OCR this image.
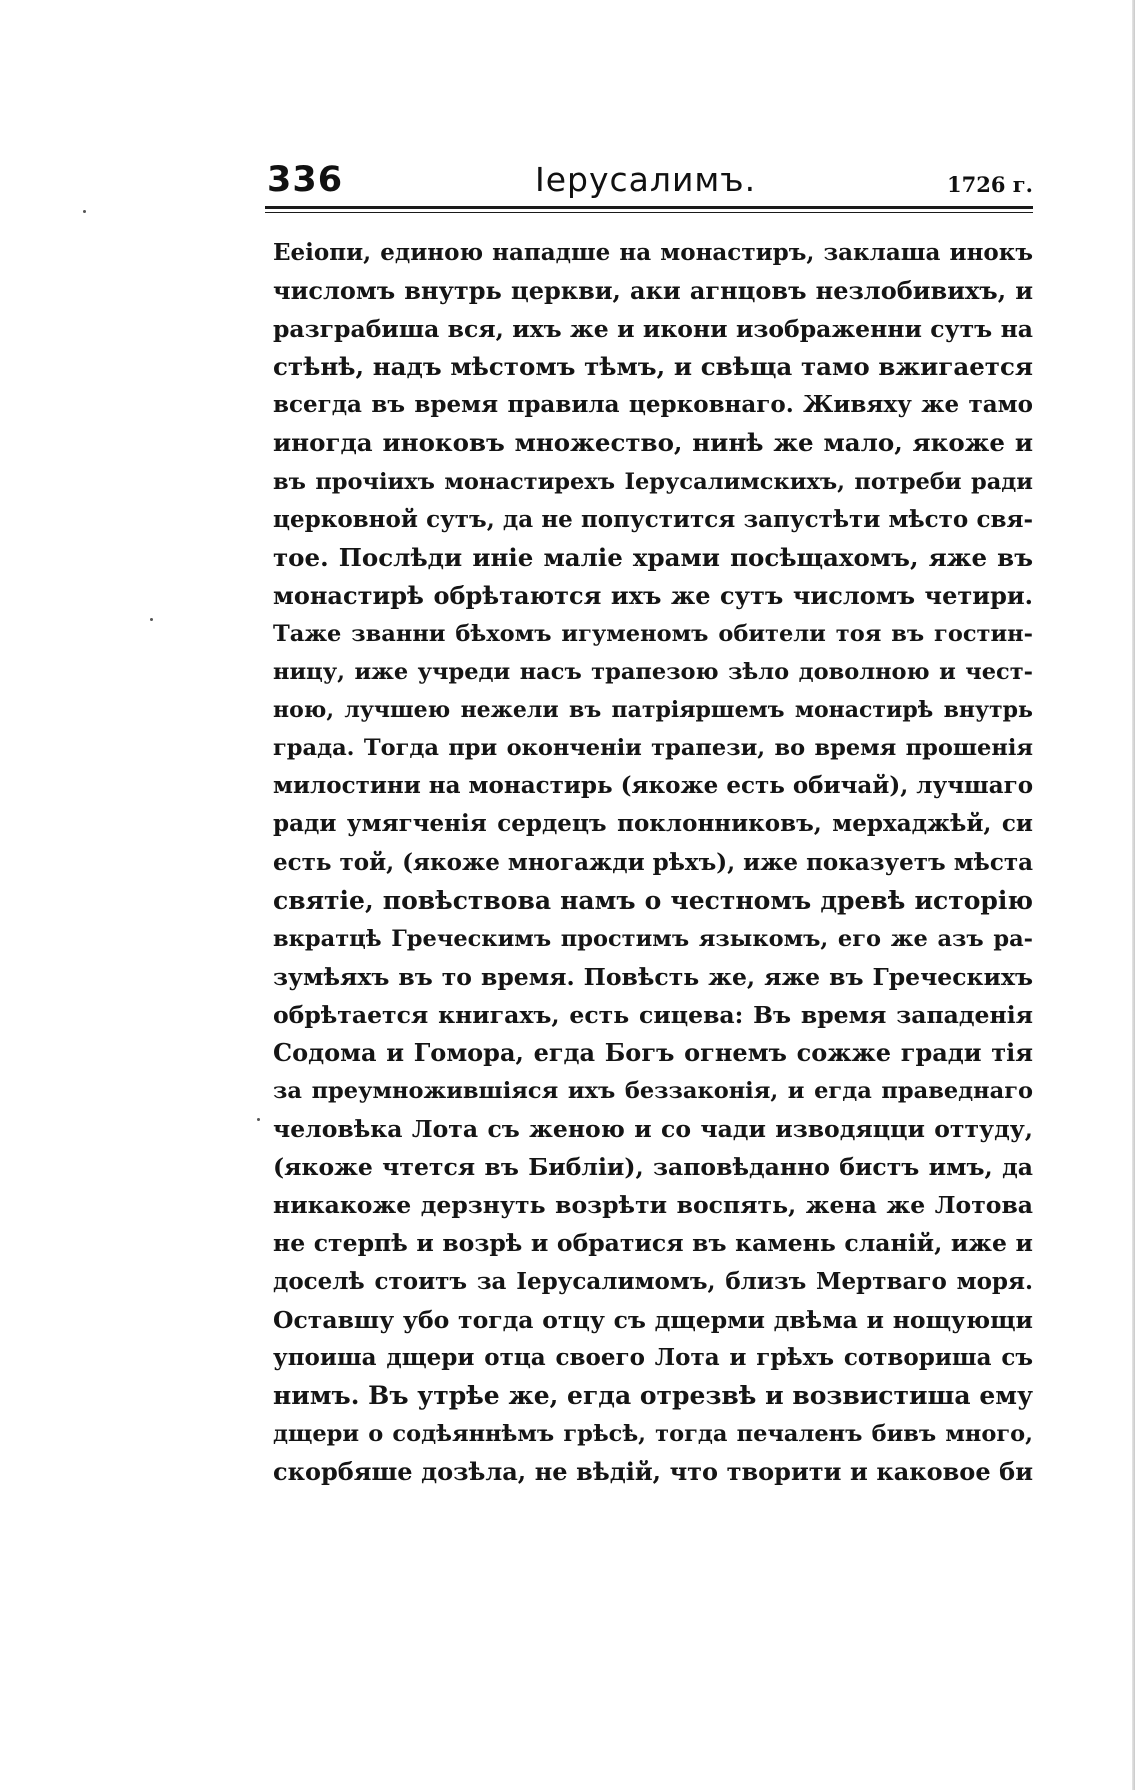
336	Іерусалимъ.	1726 г.
Ееіопи, единою нападше на монастиръ, заклаша инокъ
числомъ внутрь церкви, аки агнцовъ незлобивихъ, и
разграбиша вся, ихъ же и икони изображенни сутъ на
стѣнѣ, надъ мѣстомъ тѣмъ, и свѣща тамо вжигается
всегда въ время правила церковнаго. Живяху же тамо
иногда иноковъ множество, нинѣ же мало, якоже и
въ прочіихъ монастирехъ Іерусалимскихъ, потреби ради
церковной сутъ, да не попустится запустѣти мѣсто свя-
тое. Послѣди иніе маліе храми посѣщахомъ, яже въ
монастирѣ обрѣтаются ихъ же сутъ числомъ четири.
Таже званни бѣхомъ игуменомъ обители тоя въ гостин-
ницу, иже учреди насъ трапезою зѣло доволною и чест-
ною, лучшею нежели въ патріяршемъ монастирѣ внутрь
града. Тогда при окончeніи трапези, во время прошенія
милостини на монастирь (якоже есть обичай), лучшаго
ради умягченія сердецъ поклонниковъ, мерхаджѣй, си
есть той, (якоже многажди рѣхъ), иже показуетъ мѣста
святіе, повѣствова намъ о честномъ древѣ исторію
вкратцѣ Греческимъ простимъ языкомъ, его же азъ ра-
зумѣяхъ въ то время. Повѣсть же, яже въ Греческихъ
обрѣтается книгахъ, есть сицева: Въ время западенія
Содома и Гомора, егда Богъ огнемъ сожже гради тія
за преумножившіяся ихъ беззаконія, и егда праведнаго
человѣка Лота съ женою и со чади изводяцци оттуду,
(якоже чтется въ Библіи), заповѣданно бистъ имъ, да
никакоже дерзнуть возрѣти воспять, жена же Лотова
не стерпѣ и возрѣ и обратися въ камень сланій, иже и
доселѣ стоитъ за Іерусалимомъ, близъ Мертваго моря.
Оставшу убо тогда отцу съ дщерми двѣма и нощующи
упоиша дщери отца своего Лота и грѣхъ сотвориша съ
нимъ. Въ утрѣе же, егда отрезвѣ и возвистиша ему
дщери о содѣяннѣмъ грѣсѣ, тогда печаленъ бивъ много,
скорбяше дозѣла, не вѣдій, что творити и каковое би
